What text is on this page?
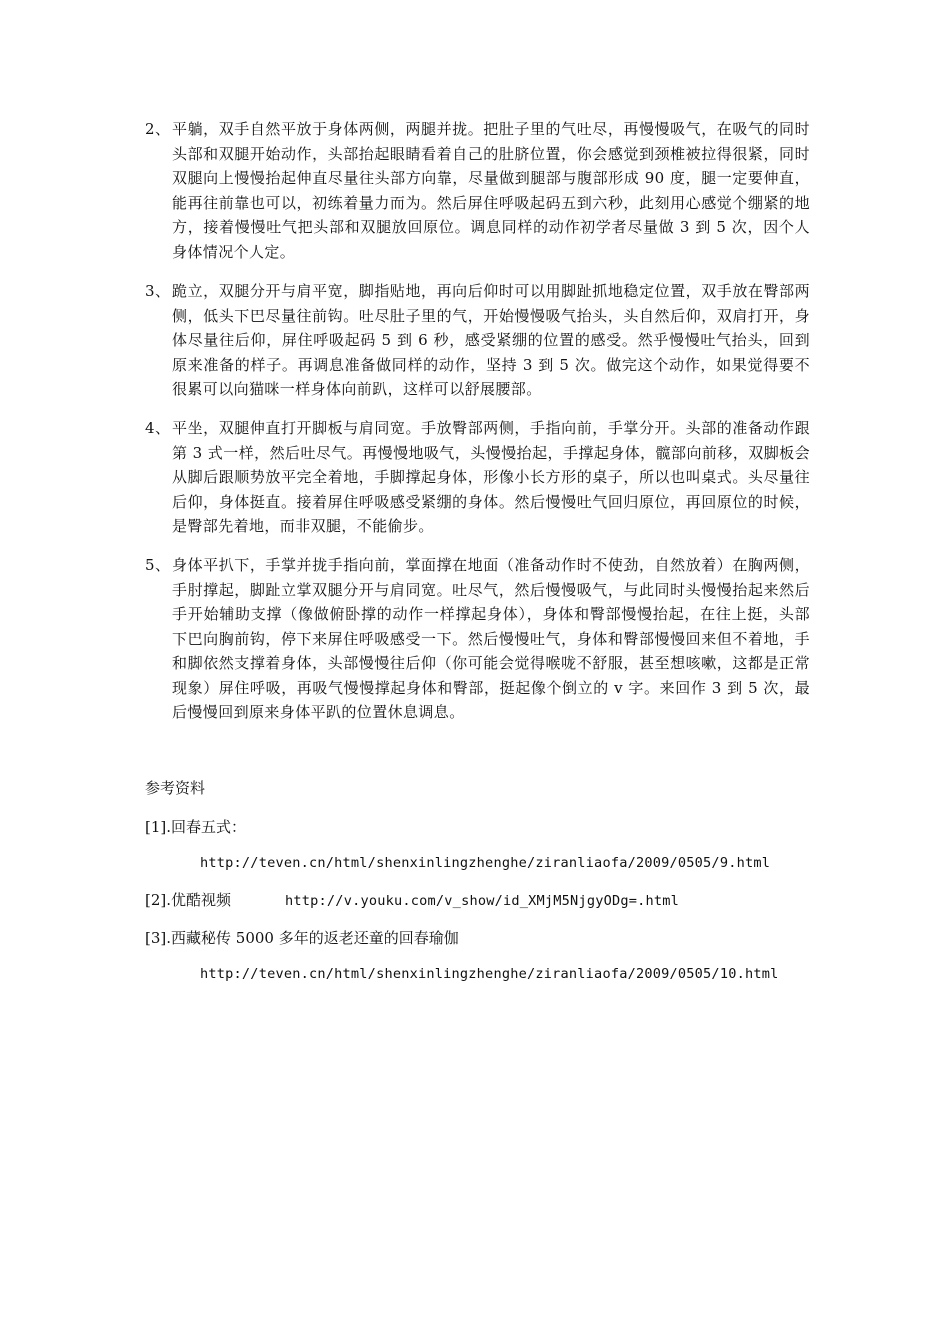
2、 平躺，双手自然平放于身体两侧，两腿并拢。把肚子里的气吐尽，再慢慢吸气，在吸气的同时头部和双腿开始动作，头部抬起眼睛看着自己的肚脐位置，你会感觉到颈椎被拉得很紧，同时双腿向上慢慢抬起伸直尽量往头部方向靠，尽量做到腿部与腹部形成 90 度，腿一定要伸直，能再往前靠也可以，初练着量力而为。然后屏住呼吸起码五到六秒，此刻用心感觉个绷紧的地方，接着慢慢吐气把头部和双腿放回原位。调息同样的动作初学者尽量做 3 到 5 次，因个人身体情况个人定。
3、 跪立，双腿分开与肩平宽，脚指贴地，再向后仰时可以用脚趾抓地稳定位置，双手放在臀部两侧，低头下巴尽量往前钩。吐尽肚子里的气，开始慢慢吸气抬头，头自然后仰，双肩打开，身体尽量往后仰，屏住呼吸起码 5 到 6 秒，感受紧绷的位置的感受。然乎慢慢吐气抬头，回到原来准备的样子。再调息准备做同样的动作，坚持 3 到 5 次。做完这个动作，如果觉得要不很累可以向猫咪一样身体向前趴，这样可以舒展腰部。
4、 平坐，双腿伸直打开脚板与肩同宽。手放臀部两侧，手指向前，手掌分开。头部的准备动作跟第 3 式一样，然后吐尽气。再慢慢地吸气，头慢慢抬起，手撑起身体，髋部向前移，双脚板会从脚后跟顺势放平完全着地，手脚撑起身体，形像小长方形的桌子，所以也叫桌式。头尽量往后仰，身体挺直。接着屏住呼吸感受紧绷的身体。然后慢慢吐气回归原位，再回原位的时候，是臀部先着地，而非双腿，不能偷步。
5、 身体平扒下，手掌并拢手指向前，掌面撑在地面（准备动作时不使劲，自然放着）在胸两侧，手肘撑起，脚趾立掌双腿分开与肩同宽。吐尽气，然后慢慢吸气，与此同时头慢慢抬起来然后手开始辅助支撑（像做俯卧撑的动作一样撑起身体），身体和臀部慢慢抬起，在往上挺，头部下巴向胸前钩，停下来屏住呼吸感受一下。然后慢慢吐气，身体和臀部慢慢回来但不着地，手和脚依然支撑着身体，头部慢慢往后仰（你可能会觉得喉咙不舒服，甚至想咳嗽，这都是正常现象）屏住呼吸，再吸气慢慢撑起身体和臀部，挺起像个倒立的 v 字。来回作 3 到 5 次，最后慢慢回到原来身体平趴的位置休息调息。
参考资料
[1].回春五式：
http://teven.cn/html/shenxinlingzhenghe/ziranliaofa/2009/0505/9.html
[2].优酷视频	http://v.youku.com/v_show/id_XMjM5NjgyODg=.html
[3].西藏秘传 5000 多年的返老还童的回春瑜伽
http://teven.cn/html/shenxinlingzhenghe/ziranliaofa/2009/0505/10.html
